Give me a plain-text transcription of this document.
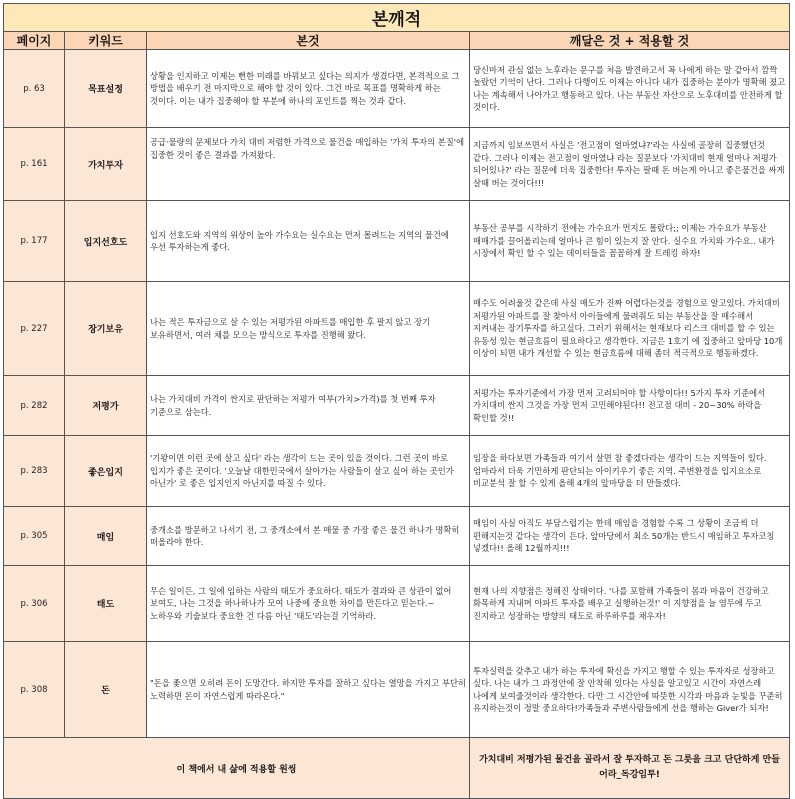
본깨적			
페이지	키워드	본것	깨달은 것 + 적용할 것
p. 63	목표설정	상황을 인지하고 이제는 뻔한 미래를 바꿔보고 싶다는 의지가 생겼다면, 본격적으로 그 방법을 배우기 전 마지막으로 해야 할 것이 있다. 그건 바로 목표를 명확하게 하는 것이다. 이는 내가 집중해야 할 부분에 하나의 포인트를 찍는 것과 같다.	당신마저 관심 없는 노후라는 문구를 처음 발견하고서 꼭 나에게 하는 말 같아서 깜짝 놀랐던 기억이 난다. 그러나 다행이도 이제는 아니다 내가 집중하는 분야가 명확해 졌고 나는 계속해서 나아가고 행동하고 있다. 나는 부동산 자산으로 노후대비를 안전하게 할 것이다.
p. 161	가치투자	공급·물량의 문제보다 가치 대비 저렴한 가격으로 물건을 매입하는 '가치 투자의 본질'에 집중한 것이 좋은 결과를 가져왔다.	지금까지 임보쓰면서 사실은 '전고점이 얼마였냐?'라는 사실에 골장히 집중했던것 같다. 그러나 이제는 전고점이 얼마였냐 라는 질문보다 '가치대비 현재 얼마나 저평가 되어있나?' 라는 질문에 더욱 집중한다! 투자는 팔때 돈 버는게 아니고 좋은물건을 싸게 살때 버는 것이다!!!
p. 177	입지선호도	입지 선호도와 지역의 위상이 높아 가수요는 실수요는 먼저 몰려드는 지역의 물건에 우선 투자하는게 좋다.	부동산 공부를 시작하기 전에는 가수요가 먼지도 몰랐다;; 이제는 가수요가 부동산 매매가를 끌어올리는데 얼마나 큰 힘이 있는지 잘 안다. 실수요 가치와 가수요.. 내가 시장에서 확인 할 수 있는 데이터들을 꼼꼼하게 잘 트레킹 하자!
p. 227	장기보유	나는 적은 투자금으로 살 수 있는 저평가된 아파트를 매입한 후 팔지 않고 장기 보유하면서, 여러 채를 모으는 방식으로 투자를 진행해 왔다.	매수도 어려울것 같은데 사실 매도가 진짜 어렵다는것을 경험으로 알고있다. 가치대비 저평가된 아파트를 잘 찾아서 아이들에게 물려줘도 되는 부동산을 잘 매수해서 지켜내는 장기투자를 하고싶다. 그러기 위해서는 현재보다 리스크 대비를 할 수 있는 유동성 있는 현금흐름이 필요하다고 생각한다. 지금은 1호기 에 집중하고 앞마당 10개 이상이 되면 내가 개선할 수 있는 현금흐름에 대해 좀더 적극적으로 행동하겠다.
p. 282	저평가	나는 가치대비 가격이 싼지로 판단하는 저평가 여부(가치>가격)를 첫 번째 투자 기준으로 삼는다.	저평가는 투자기준에서 가장 먼저 고려되어야 할 사항이다!! 5가지 투자 기준에서 가치대비 싼지 그것을 가장 먼저 고민해야된다!! 전고점 대비 - 20~30% 하락을 확인할 것!!
p. 283	좋은입지	'기왕이면 이런 곳에 살고 싶다' 라는 생각이 드는 곳이 있을 것이다. 그런 곳이 바로 입지가 좋은 곳이다. '오늘날 대한민국에서 살아가는 사람들이 살고 싶어 하는 곳인가 아닌가' 로 좋은 입지인지 아닌지를 따질 수 있다.	임장을 하다보면 가족들과 여기서 살면 참 좋겠다라는 생각이 드는 지역들이 있다. 엄마라서 더욱 기민하게 판단되는 아이키우기 좋은 지역. 주변환경을 입지요소로 비교분석 잘 할 수 있게 올해 4개의 앞마당을 더 만들겠다.
p. 305	매임	중개소를 방문하고 나서기 전, 그 중개소에서 본 매물 중 가장 좋은 물건 하나가 명확히 떠올라야 한다.	매임이 사실 아직도 부담스럽기는 한데 매임을 경험할 수록 그 상황이 조금씩 더 편해지는것 같다는 생각이 든다. 앞마당에서 최소 50개는 반드시 매임하고 투자코칭 넣겠다!! 올해 12월까지!!!
p. 306	태도	무슨 일이든, 그 일에 임하는 사람의 태도가 중요하다. 태도가 결과와 큰 상관이 없어 보여도, 나는 그것을 하나하나가 모여 나중에 중요한 차이를 만든다고 믿는다.~ 노하우와 기술보다 중요한 건 다름 아닌 '태도'라는걸 기억하라.	현재 나의 지향점은 정해진 상태이다. '나를 포함해 가족들이 몸과 마음이 건강하고 화목하게 지내며 아파트 투자를 배우고 실행하는것!' 이 지향점을 늘 염두에 두고 진지하고 성장하는 방향의 태도로 하루하루를 채우자!
p. 308	돈	"돈을 좇으면 오히려 돈이 도망간다. 하지만 투자를 잘하고 싶다는 열망을 가지고 부단히 노력하면 돈이 자연스럽게 따라온다."	투자실력을 갖추고 내가 하는 투자에 확신을 가지고 행할 수 있는 투자자로 성장하고 싶다. 나는 내가 그 과정안에 잘 안착해 있다는 사실을 알고있고 시간이 자연스레 나에게 보여줄것이라 생각한다. 다만 그 시간안에 따뜻한 시각과 마음과 눈빛을 꾸준히 유지하는것이 정말 중요하다!가족들과 주변사람들에게 선을 행하는 Giver가 되자!
이 책에서 내 삶에 적용할 원씽			가치대비 저평가된 물건을 골라서 잘 투자하고 돈 그릇을 크고 단단하게 만들어라_독강임투!
